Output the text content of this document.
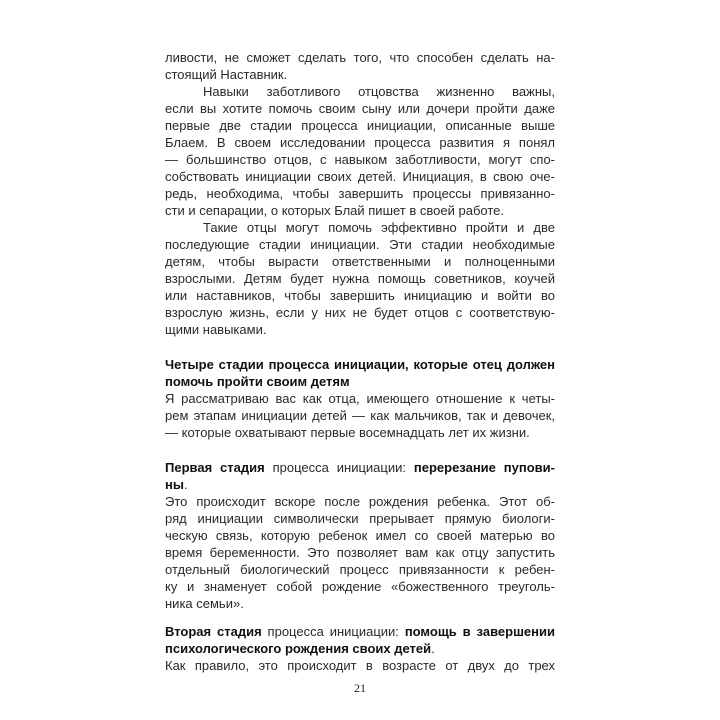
ливости, не сможет сделать того, что способен сделать на-
стоящий Наставник.
Навыки заботливого отцовства жизненно важны,
если вы хотите помочь своим сыну или дочери пройти даже
первые две стадии процесса инициации, описанные выше
Блаем. В своем исследовании процесса развития я понял
— большинство отцов, с навыком заботливости, могут спо-
собствовать инициации своих детей. Инициация, в свою оче-
редь, необходима, чтобы завершить процессы привязанно-
сти и сепарации, о которых Блай пишет в своей работе.
Такие отцы могут помочь эффективно пройти и две
последующие стадии инициации. Эти стадии необходимые
детям, чтобы вырасти ответственными и полноценными
взрослыми. Детям будет нужна помощь советников, коучей
или наставников, чтобы завершить инициацию и войти во
взрослую жизнь, если у них не будет отцов с соответствую-
щими навыками.
Четыре стадии процесса инициации, которые отец должен
помочь пройти своим детям
Я рассматриваю вас как отца, имеющего отношение к четы-
рем этапам инициации детей — как мальчиков, так и девочек,
— которые охватывают первые восемнадцать лет их жизни.
Первая стадия процесса инициации: перерезание пупови-
ны.
Это происходит вскоре после рождения ребенка. Этот об-
ряд инициации символически прерывает прямую биологи-
ческую связь, которую ребенок имел со своей матерью во
время беременности. Это позволяет вам как отцу запустить
отдельный биологический процесс привязанности к ребен-
ку и знаменует собой рождение «божественного треуголь-
ника семьи».
Вторая стадия процесса инициации: помощь в завершении
психологического рождения своих детей.
Как правило, это происходит в возрасте от двух до трех
21
